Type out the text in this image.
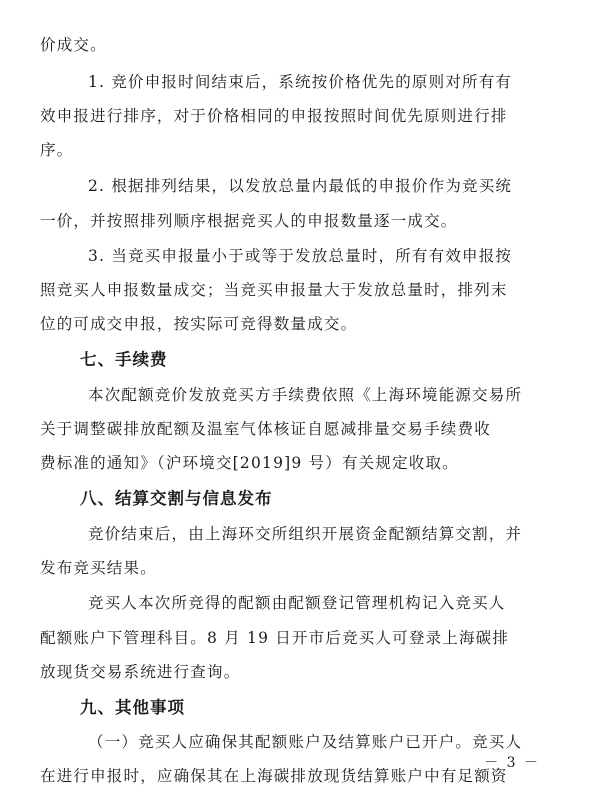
价成交。
1. 竞价申报时间结束后，系统按价格优先的原则对所有有
效申报进行排序，对于价格相同的申报按照时间优先原则进行排
序。
2. 根据排列结果，以发放总量内最低的申报价作为竞买统
一价，并按照排列顺序根据竞买人的申报数量逐一成交。
3. 当竞买申报量小于或等于发放总量时，所有有效申报按
照竞买人申报数量成交；当竞买申报量大于发放总量时，排列末
位的可成交申报，按实际可竞得数量成交。
七、手续费
本次配额竞价发放竞买方手续费依照《上海环境能源交易所
关于调整碳排放配额及温室气体核证自愿减排量交易手续费收
费标准的通知》（沪环境交[2019]9 号）有关规定收取。
八、结算交割与信息发布
竞价结束后，由上海环交所组织开展资金配额结算交割，并
发布竞买结果。
竞买人本次所竞得的配额由配额登记管理机构记入竞买人
配额账户下管理科目。8 月 19 日开市后竞买人可登录上海碳排
放现货交易系统进行查询。
九、其他事项
（一）竞买人应确保其配额账户及结算账户已开户。竞买人
在进行申报时，应确保其在上海碳排放现货结算账户中有足额资
－ 3 －
